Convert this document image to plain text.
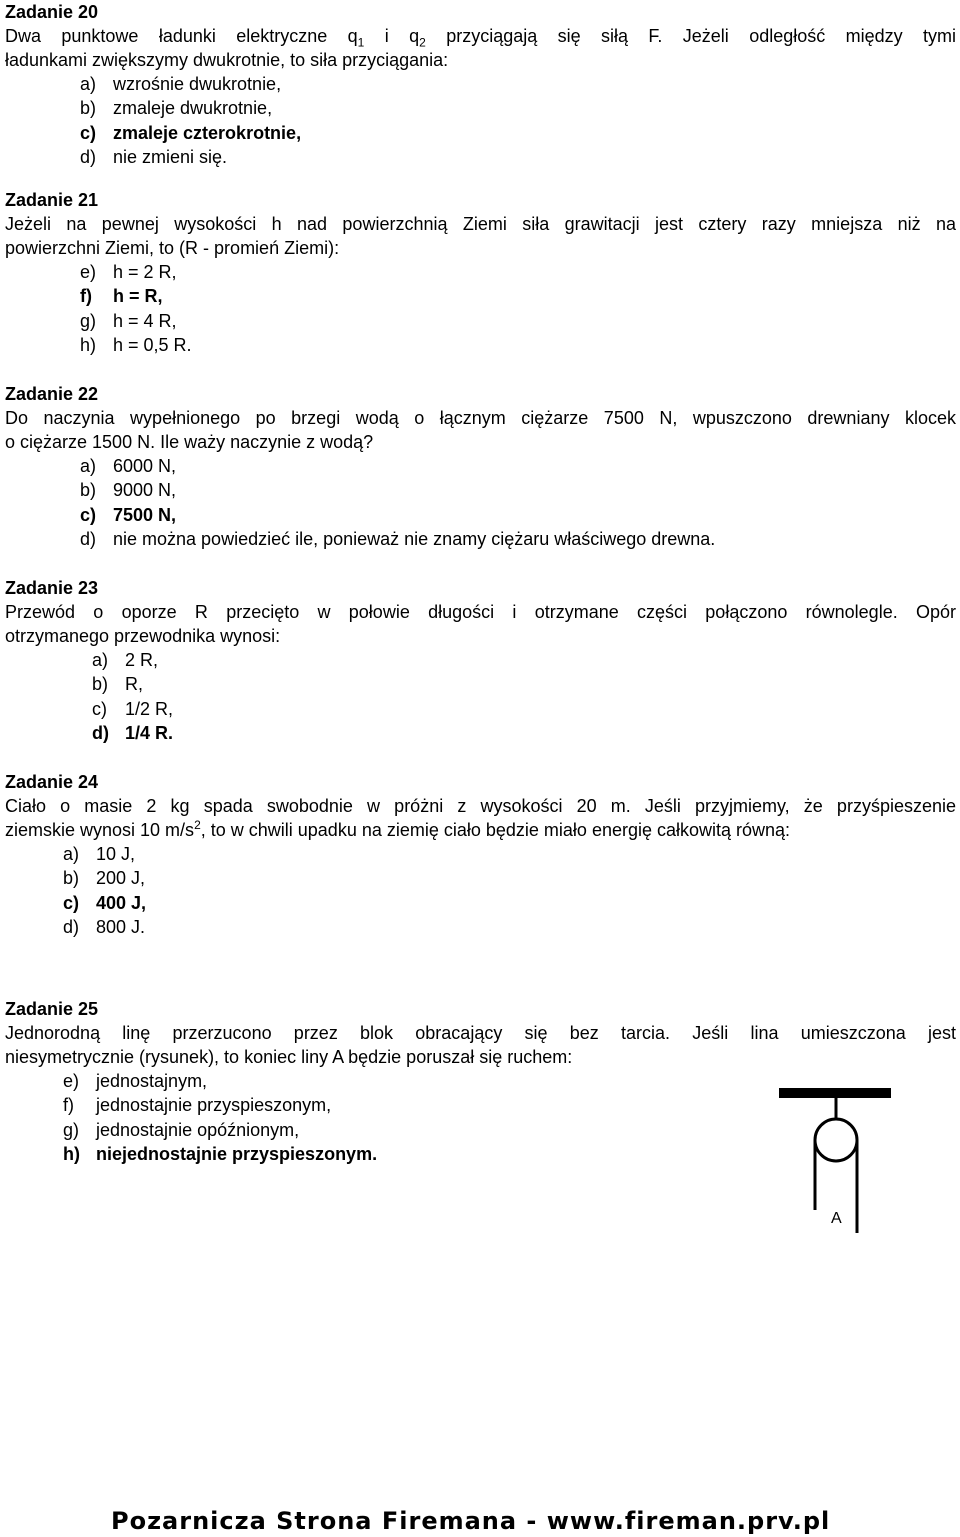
Zadanie 20
Dwa punktowe ładunki elektryczne $q_1$ i $q_2$ przyciągają się siłą F. Jeżeli odległość między tymi
ładunkami zwiększymy dwukrotnie, to siła przyciągania:
a) wzrośnie dwukrotnie,
b) zmaleje dwukrotnie,
c) zmaleje czterokrotnie,
d) nie zmieni się.
Zadanie 21
Jeżeli na pewnej wysokości h nad powierzchnią Ziemi siła grawitacji jest cztery razy mniejsza niż na
powierzchni Ziemi, to (R - promień Ziemi):
e) h = 2 R,
f)	h = R,
g) h = 4 R,
h) h = 0,5 R.
Zadanie 22
Do naczynia wypełnionego po brzegi wodą o łącznym ciężarze 7500 N, wpuszczono drewniany klocek
o ciężarze 1500 N. Ile waży naczynie z wodą?
a) 6000 N,
b) 9000 N,
c) 7500 N,
d) nie można powiedzieć ile, ponieważ nie znamy ciężaru właściwego drewna.
Zadanie 23
Przewód o oporze R przecięto w połowie długości i otrzymane części połączono równolegle. Opór
otrzymanego przewodnika wynosi:
a) 2 R,
b) R,
c)	1/2 R,
d) 1/4 R.
Zadanie 24
Ciało o masie 2 kg spada swobodnie w próżni z wysokości 20 m. Jeśli przyjmiemy, że przyśpieszenie
ziemskie wynosi 10 $m/s^2$, to w chwili upadku na ziemię ciało będzie miało energię całkowitą równą:
a) 10 J,
b) 200 J,
c) 400 J,
d) 800 J.
Zadanie 25
Jednorodną linę przerzucono przez blok obracający się bez tarcia. Jeśli lina umieszczona jest
niesymetrycznie (rysunek), to koniec liny A będzie poruszał się ruchem:
e) jednostajnym,
f)	jednostajnie przyspieszonym,
g) jednostajnie opóźnionym,
h) niejednostajnie przyspieszonym.
A
Pozarnicza Strona Firemana - www.fireman.prv.pl
